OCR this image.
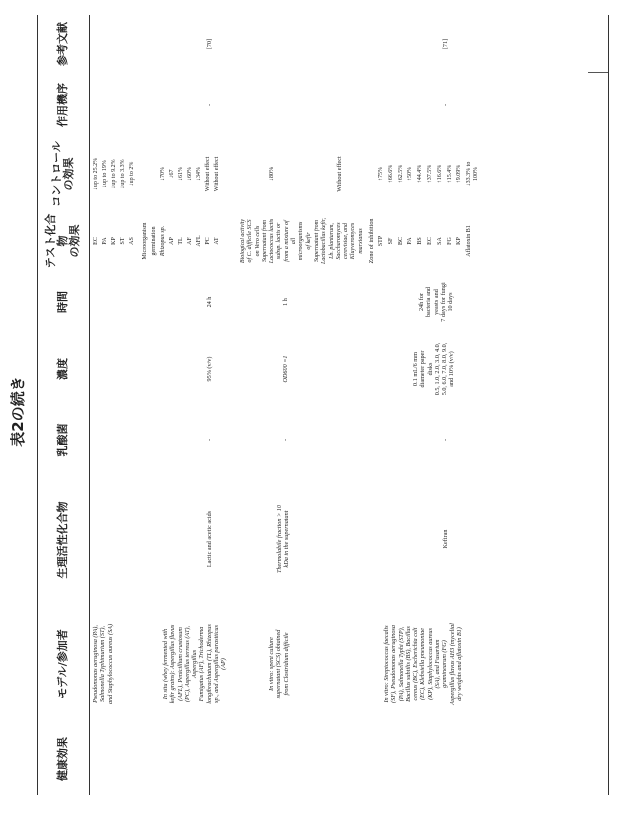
表2の続き
健康効果
モデル/参加者
生理活性化合物
乳酸菌
濃度
時間
テスト化合物
の効果
コントロール
の効果
作用機序
参考文献
Pseudomonas aeruginosa (PA),
Salmonella Typhimurium (ST),
and Staphylococcus aureus (SA)
EC PA KP ST AS
↓up to 25.2% ↓up to 19% ↓up to 9.2% ↓up to 3.3% ↓up to 2%
In situ (whey fermented with
kefir grains): Aspergillus flavus
(AFL), Penicillium crustosum
(PC), Aspergillus terreus (AT),
Aspergillus
Fumigatus (AF), Trichoderma
longibrachiatum (TL), Rhizopus
sp., and Aspergillus parasiticus
(AP)
Lactic and acetic acids
-
95% (v/v)
24 h
Microorganism germination Rhizopus sp. AP TL AF AFL PC AT
↓70% ↓67 ↓61% ↓60% ↓34% Without effect Without effect
-
[70]
In vitro: spent culture
supernatant (SCS) obtained
from Clostridium difficile
Thermolabile fraction > 10
kDa in the supernatant
-
OD600 =1
1 h
Biological activity
of C. difficile SCS
on Vero cells
Supernatant from
Lactococcus lactis
subsp. lactis or
from a mixture of
all
microorganisms
of kefir Supernatant from
Lactobacillus kefir,
Lb. plantarum,
Saccharomyces
cerevisiae, and
Kluyveromyces
marxianus
↓80%	Without effect
In vitro: Streptococcus faecalis
(SF), Pseudomonas aeruginosa
(PA), Salmonella Typhi (STP),
Bacillus subtilis (BS), Bacillus
cereus (BC), Escherichia coli
(EC), Klebsiella pneumoniae
(KP), Staphylococcus aureus
(SA), and Fusarium
graminearum (FG)
Aspergillus flavus AH3 (mycelial
dry weights and aflatoxin B1)
Kefiran
-
0.1 mL/6 mm
diameter paper
disks
0.5, 1.0, 2.0, 3.0, 4.0,
5.0, 6.0, 7.0, 8.0, 9.0,
and 10% (v/v)
24h for
bacteria and
yeasts and
7 days for fungi
10 days
Zone of inhibition STP SF BC PA BS EC SA FG KP Aflatoxin B1
↑75% ↑66.6% ↑62.5% ↑50% ↑44.4% ↑37.5% ↑16.6% ↑15.4% ↑9.09% ↓33.3% to
100%
-
[71]
